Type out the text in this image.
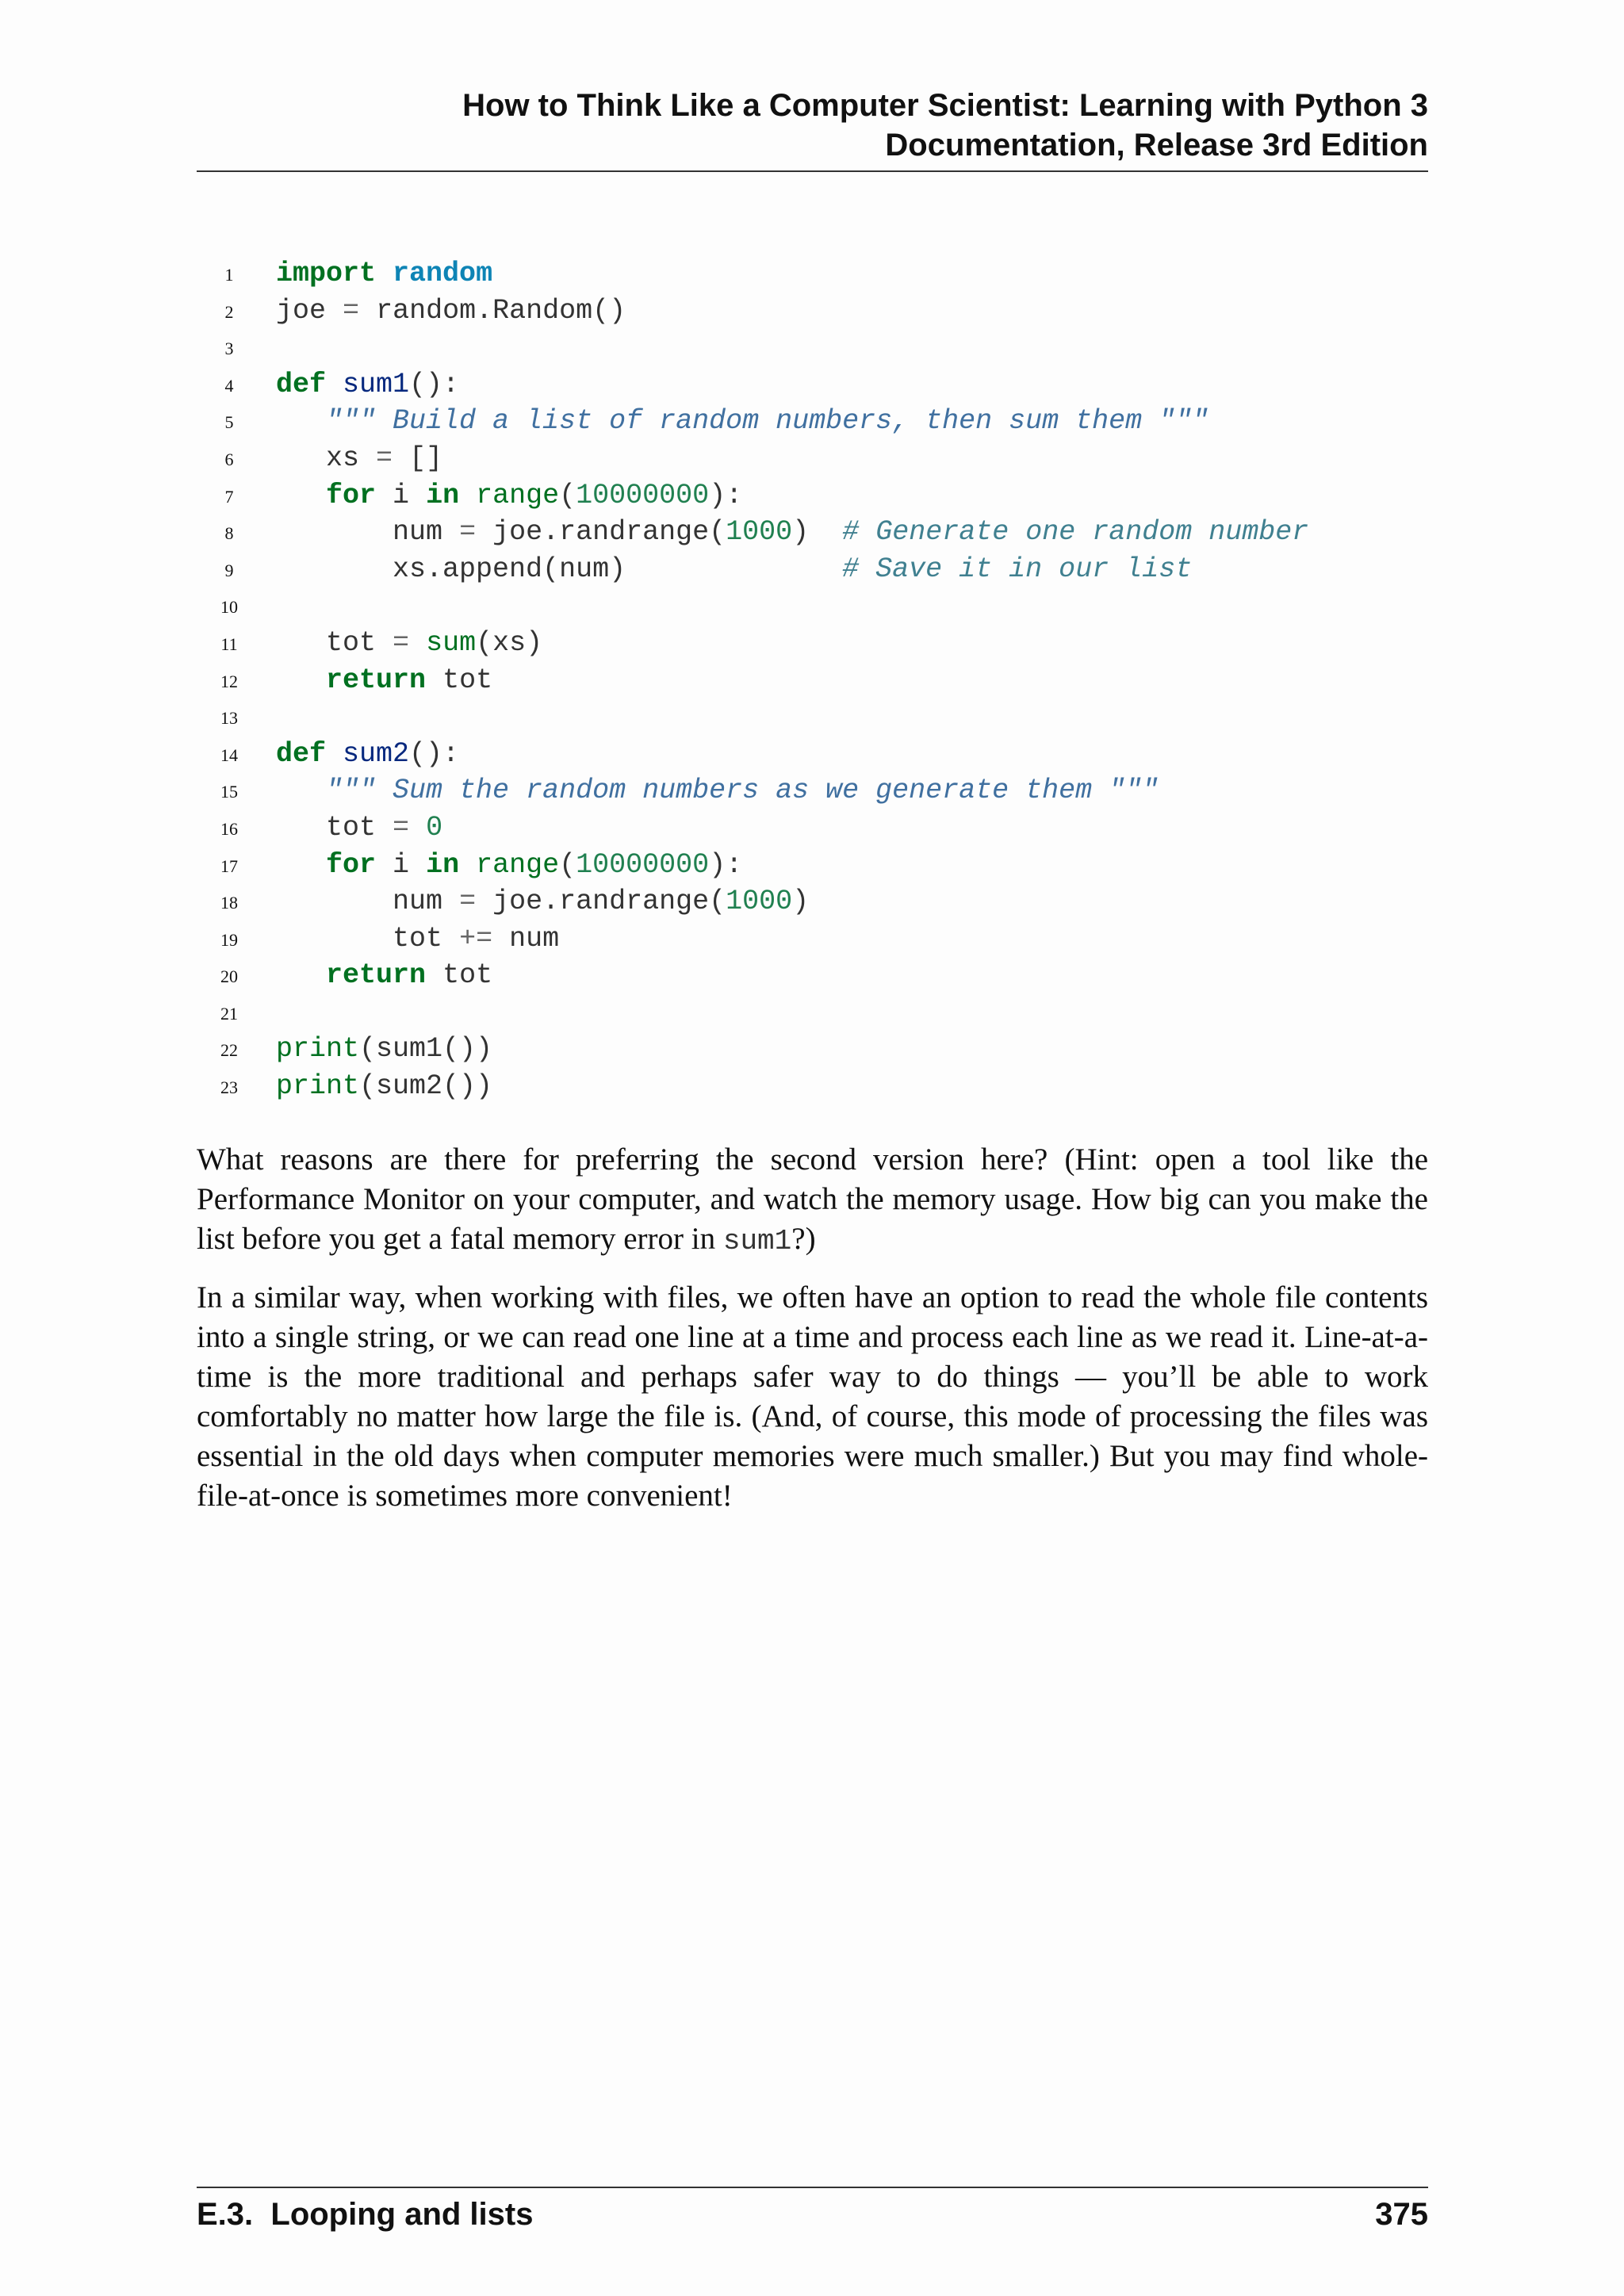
How to Think Like a Computer Scientist: Learning with Python 3
Documentation, Release 3rd Edition
1 import random
2 joe = random.Random()
3
4 def sum1():
5	""" Build a list of random numbers, then sum them """
6	xs = []
7	for i in range(10000000):
8	num = joe.randrange(1000)  # Generate one random number
9	xs.append(num)	# Save it in our list
10
11	tot = sum(xs)
12	return tot
13
14 def sum2():
15	""" Sum the random numbers as we generate them """
16	tot = 0
17	for i in range(10000000):
18	num = joe.randrange(1000)
19	tot += num
20	return tot
21
22 print(sum1())
23 print(sum2())

What reasons are there for preferring the second version here? (Hint: open a tool like the Performance Monitor on your computer, and watch the memory usage. How big can you make the list before you get a fatal memory error in sum1?)

In a similar way, when working with files, we often have an option to read the whole file contents into a single string, or we can read one line at a time and process each line as we read it. Line-at-a-time is the more traditional and perhaps safer way to do things — you’ll be able to work comfortably no matter how large the file is. (And, of course, this mode of processing the files was essential in the old days when computer memories were much smaller.) But you may find whole-file-at-once is sometimes more convenient!

E.3.  Looping and lists	375
